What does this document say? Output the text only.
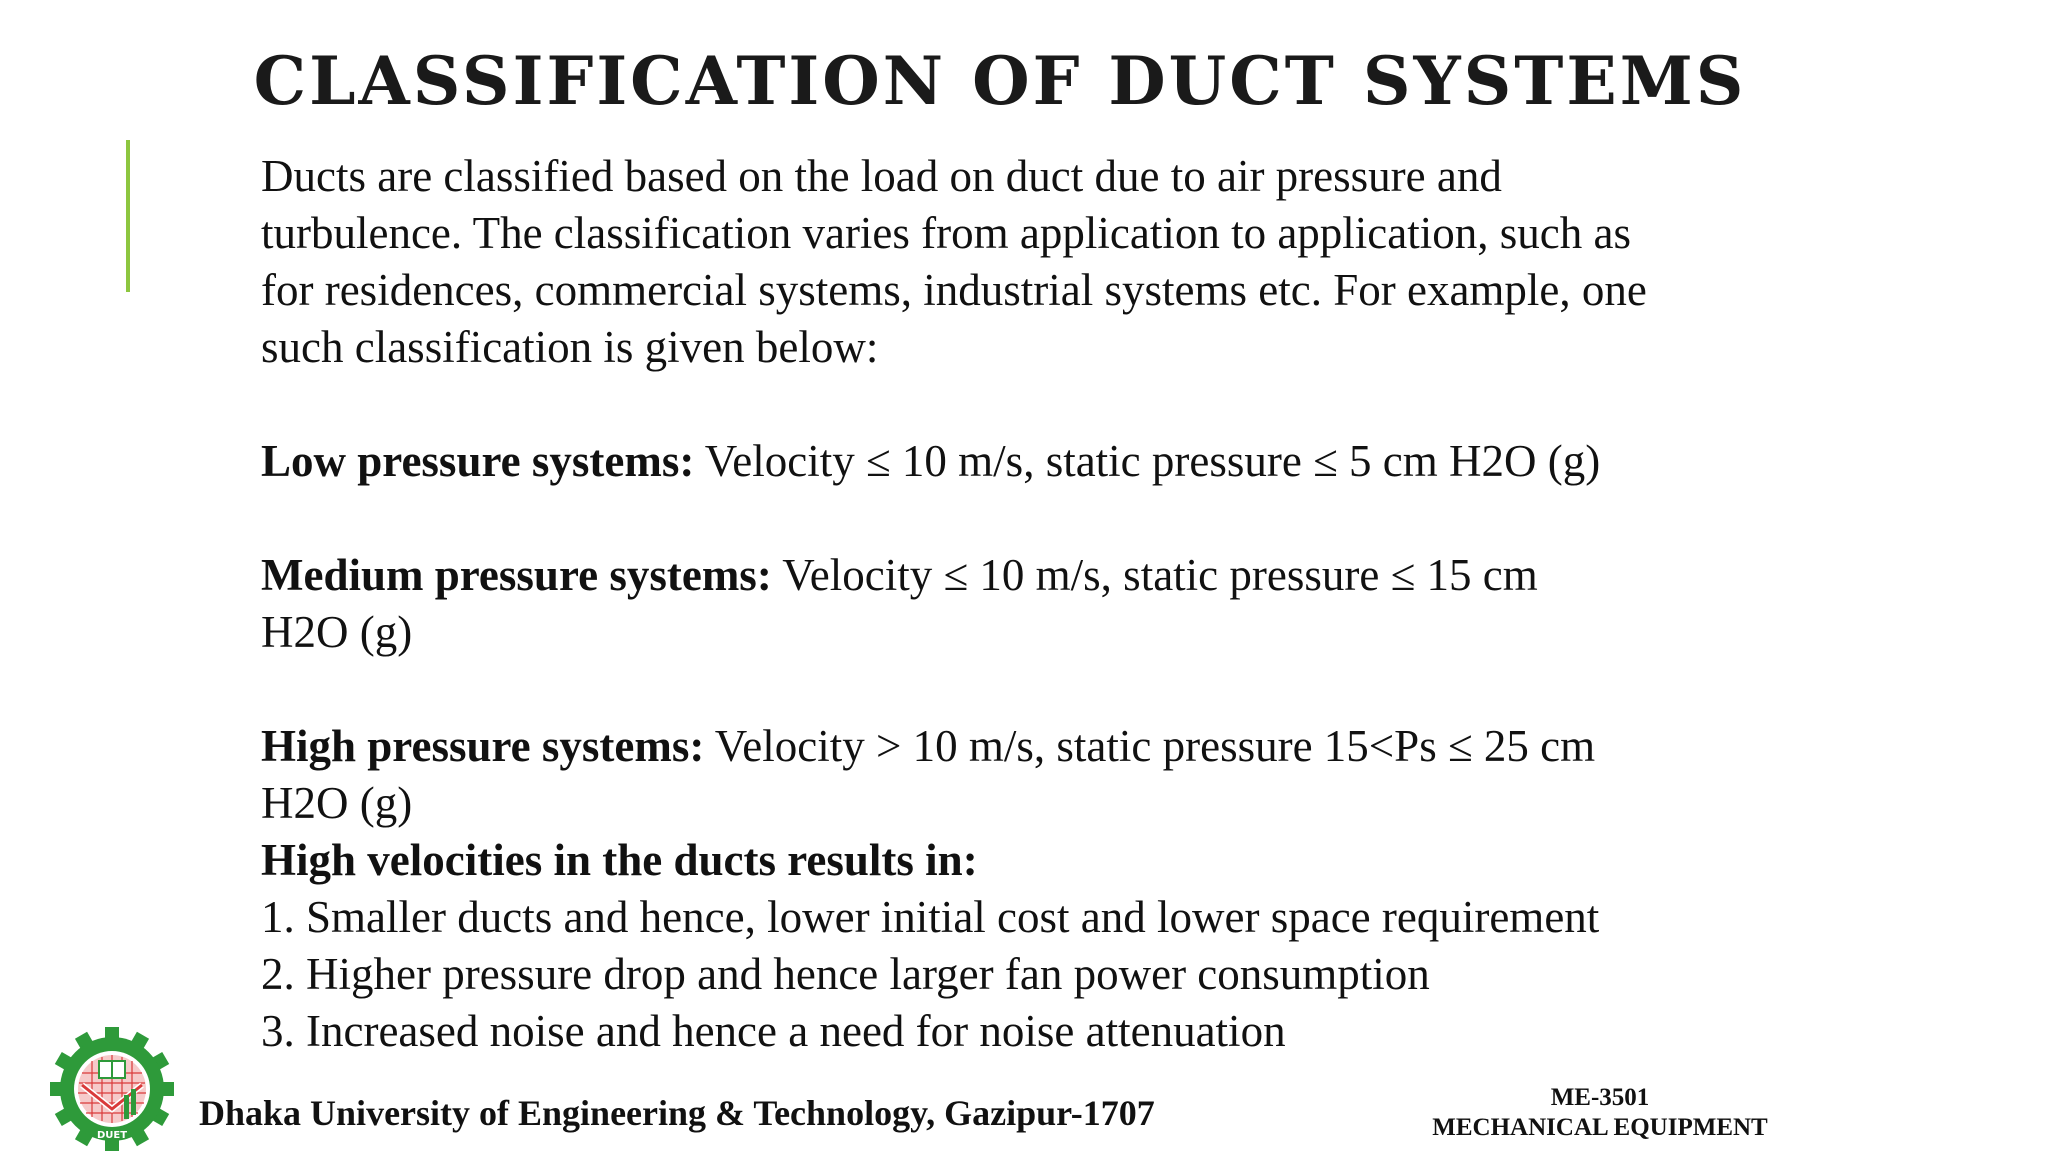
CLASSIFICATION OF DUCT SYSTEMS

Ducts are classified based on the load on duct due to air pressure and

turbulence. The classification varies from application to application, such as

for residences, commercial systems, industrial systems etc. For example, one

such classification is given below:

Low pressure systems: Velocity ≤ 10 m/s, static pressure ≤ 5 cm H2O (g)

Medium pressure systems: Velocity ≤ 10 m/s, static pressure ≤ 15 cm

H2O (g)

High pressure systems: Velocity > 10 m/s, static pressure 15<Ps ≤ 25 cm

H2O (g)

High velocities in the ducts results in:

1. Smaller ducts and hence, lower initial cost and lower space requirement

2. Higher pressure drop and hence larger fan power consumption

3. Increased noise and hence a need for noise attenuation

DUET
Dhaka University of Engineering & Technology, Gazipur-1707	ME-3501
MECHANICAL EQUIPMENT
